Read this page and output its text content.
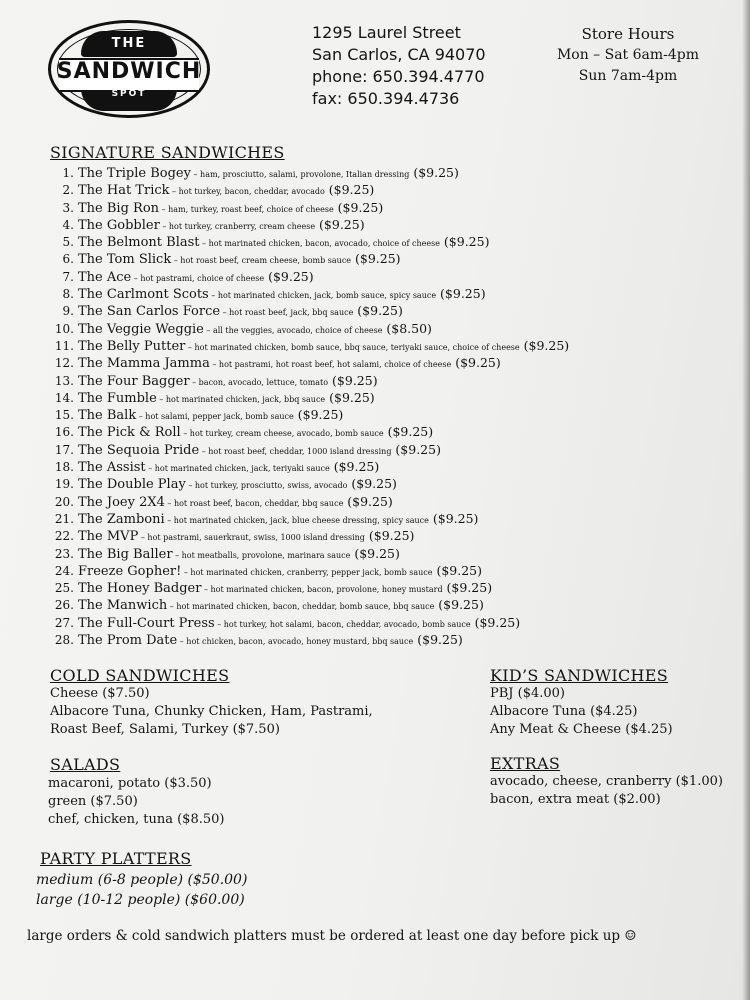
THE
SANDWICH
SPOT
1295 Laurel Street
San Carlos, CA 94070
phone: 650.394.4770
fax: 650.394.4736
Store Hours
Mon – Sat 6am-4pm
Sun 7am-4pm
SIGNATURE SANDWICHES
1. The Triple Bogey – ham, prosciutto, salami, provolone, Italian dressing ($9.25)
2. The Hat Trick – hot turkey, bacon, cheddar, avocado ($9.25)
3. The Big Ron – ham, turkey, roast beef, choice of cheese ($9.25)
4. The Gobbler – hot turkey, cranberry, cream cheese ($9.25)
5. The Belmont Blast – hot marinated chicken, bacon, avocado, choice of cheese ($9.25)
6. The Tom Slick – hot roast beef, cream cheese, bomb sauce ($9.25)
7. The Ace – hot pastrami, choice of cheese ($9.25)
8. The Carlmont Scots – hot marinated chicken, jack, bomb sauce, spicy sauce ($9.25)
9. The San Carlos Force – hot roast beef, jack, bbq sauce ($9.25)
10. The Veggie Weggie – all the veggies, avocado, choice of cheese ($8.50)
11. The Belly Putter – hot marinated chicken, bomb sauce, bbq sauce, teriyaki sauce, choice of cheese ($9.25)
12. The Mamma Jamma – hot pastrami, hot roast beef, hot salami, choice of cheese ($9.25)
13. The Four Bagger – bacon, avocado, lettuce, tomato ($9.25)
14. The Fumble – hot marinated chicken, jack, bbq sauce ($9.25)
15. The Balk – hot salami, pepper jack, bomb sauce ($9.25)
16. The Pick & Roll – hot turkey, cream cheese, avocado, bomb sauce ($9.25)
17. The Sequoia Pride – hot roast beef, cheddar, 1000 island dressing ($9.25)
18. The Assist – hot marinated chicken, jack, teriyaki sauce ($9.25)
19. The Double Play – hot turkey, prosciutto, swiss, avocado ($9.25)
20. The Joey 2X4 – hot roast beef, bacon, cheddar, bbq sauce ($9.25)
21. The Zamboni – hot marinated chicken, jack, blue cheese dressing, spicy sauce ($9.25)
22. The MVP – hot pastrami, sauerkraut, swiss, 1000 island dressing ($9.25)
23. The Big Baller – hot meatballs, provolone, marinara sauce ($9.25)
24. Freeze Gopher! – hot marinated chicken, cranberry, pepper jack, bomb sauce ($9.25)
25. The Honey Badger – hot marinated chicken, bacon, provolone, honey mustard ($9.25)
26. The Manwich – hot marinated chicken, bacon, cheddar, bomb sauce, bbq sauce ($9.25)
27. The Full-Court Press – hot turkey, hot salami, bacon, cheddar, avocado, bomb sauce ($9.25)
28. The Prom Date – hot chicken, bacon, avocado, honey mustard, bbq sauce ($9.25)
COLD SANDWICHES
Cheese ($7.50)
Albacore Tuna, Chunky Chicken, Ham, Pastrami,
Roast Beef, Salami, Turkey ($7.50)
KID’S SANDWICHES
PBJ ($4.00)
Albacore Tuna ($4.25)
Any Meat & Cheese ($4.25)
SALADS
macaroni, potato ($3.50)
green ($7.50)
chef, chicken, tuna ($8.50)
EXTRAS
avocado, cheese, cranberry ($1.00)
bacon, extra meat ($2.00)
PARTY PLATTERS
medium (6-8 people) ($50.00)
large (10-12 people) ($60.00)
large orders & cold sandwich platters must be ordered at least one day before pick up ☺
